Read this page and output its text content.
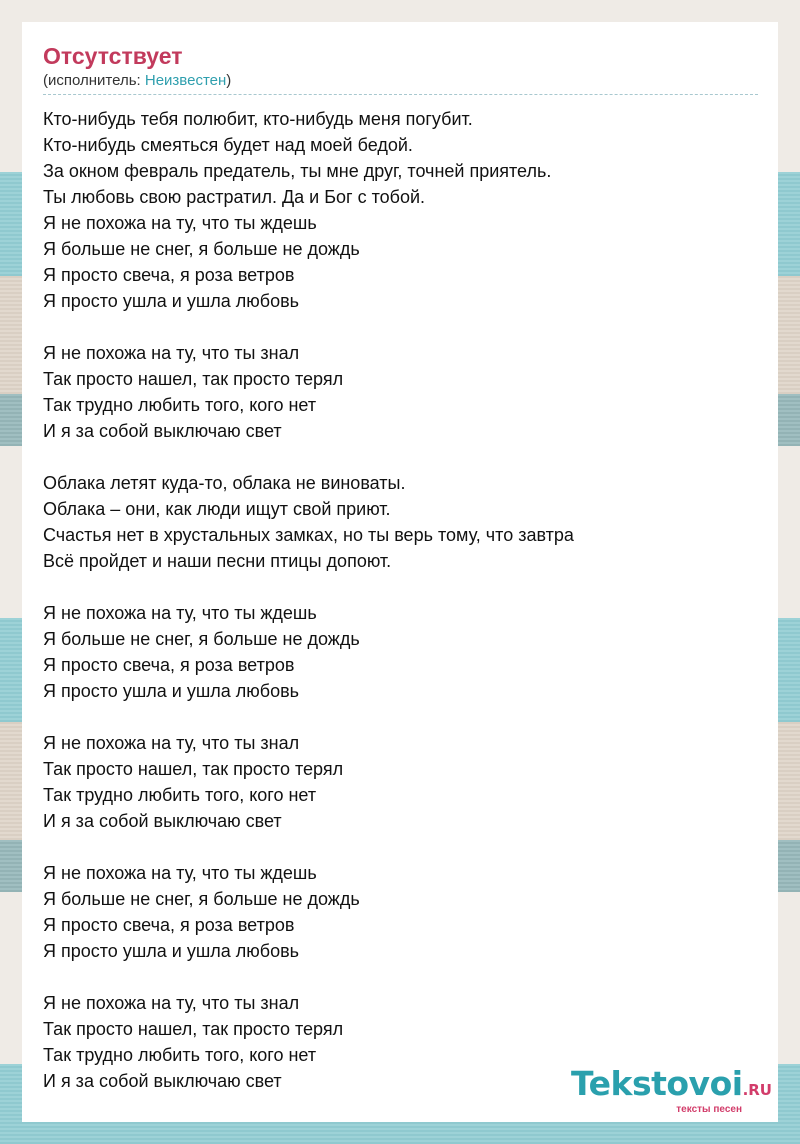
Отсутствует
(исполнитель: Неизвестен)
Кто-нибудь тебя полюбит, кто-нибудь меня погубит.
Кто-нибудь смеяться будет над моей бедой.
За окном февраль предатель, ты мне друг, точней приятель.
Ты любовь свою растратил. Да и Бог с тобой.
Я не похожа на ту, что ты ждешь
Я больше не снег, я больше не дождь
Я просто свеча, я роза ветров
Я просто ушла и ушла любовь
Я не похожа на ту, что ты знал
Так просто нашел, так просто терял
Так трудно любить того, кого нет
И я за собой выключаю свет
Облака летят куда-то, облака не виноваты.
Облака – они, как люди ищут свой приют.
Счастья нет в хрустальных замках, но ты верь тому, что завтра
Всё пройдет и наши песни птицы допоют.
Я не похожа на ту, что ты ждешь
Я больше не снег, я больше не дождь
Я просто свеча, я роза ветров
Я просто ушла и ушла любовь
Я не похожа на ту, что ты знал
Так просто нашел, так просто терял
Так трудно любить того, кого нет
И я за собой выключаю свет
Я не похожа на ту, что ты ждешь
Я больше не снег, я больше не дождь
Я просто свеча, я роза ветров
Я просто ушла и ушла любовь
Я не похожа на ту, что ты знал
Так просто нашел, так просто терял
Так трудно любить того, кого нет
И я за собой выключаю свет	Tekstovoi.RU
тексты песен
